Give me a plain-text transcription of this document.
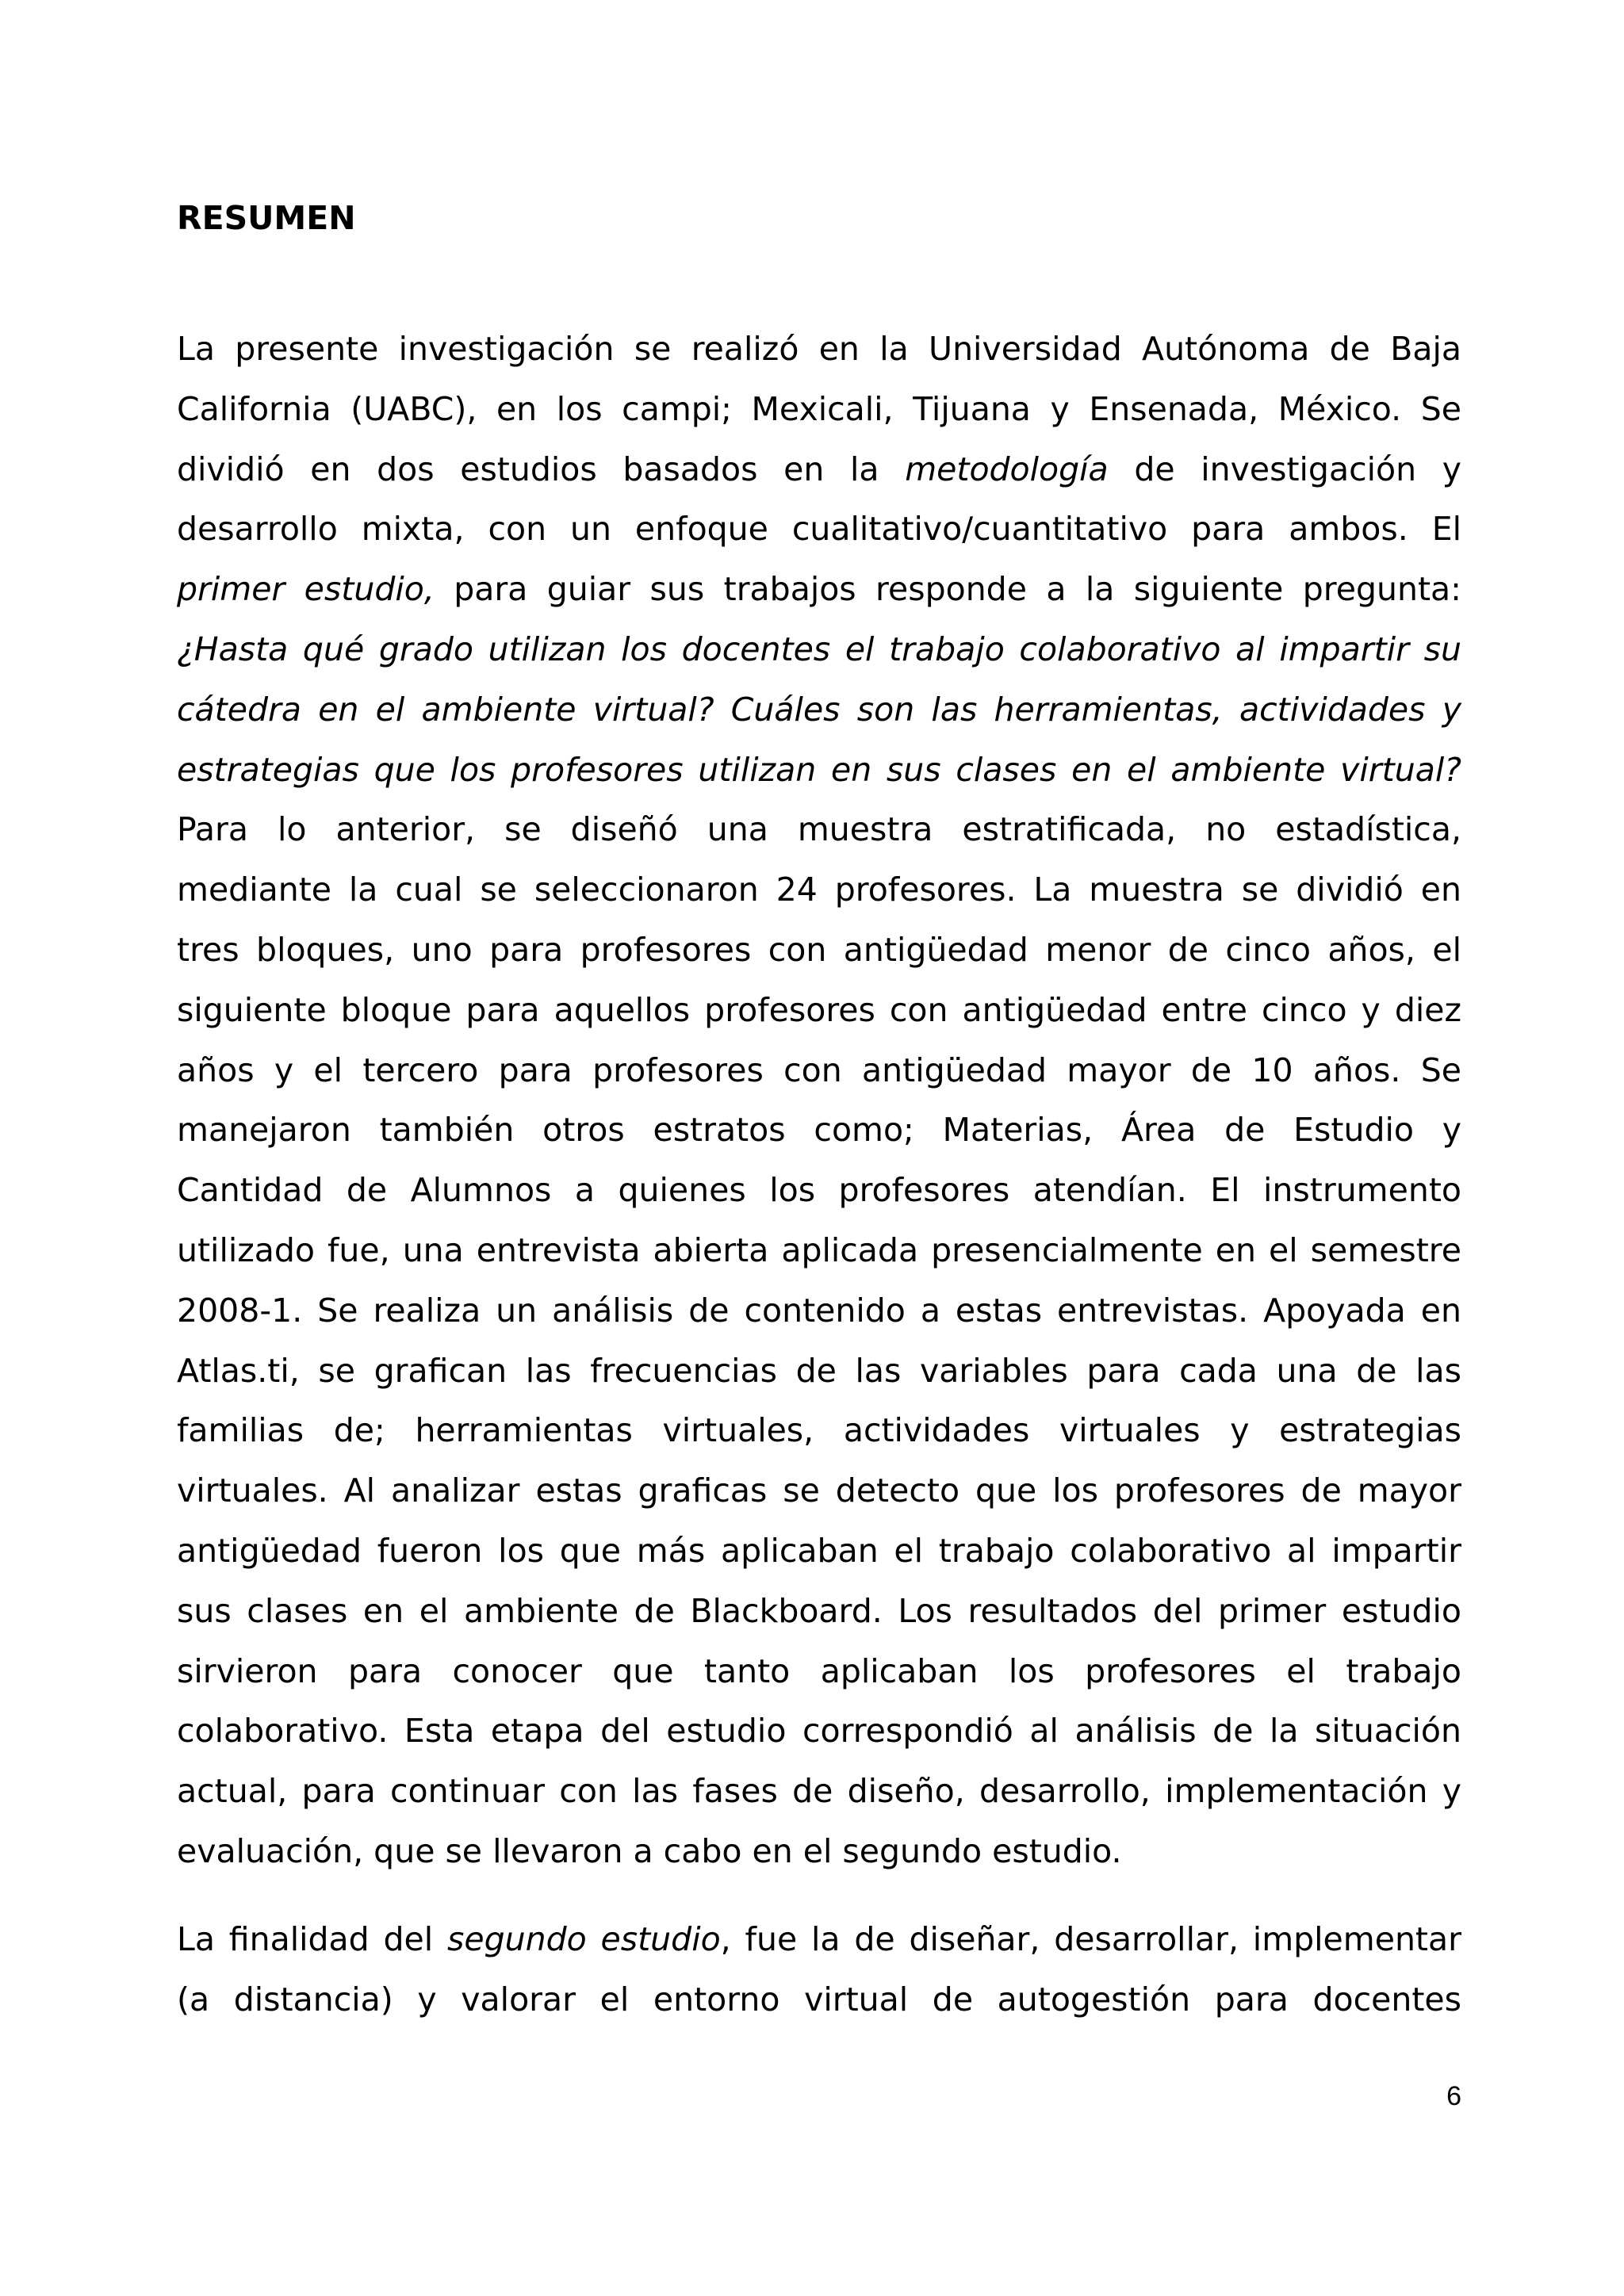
RESUMEN
La presente investigación se realizó en la Universidad Autónoma de Baja
California (UABC), en los campi; Mexicali, Tijuana y Ensenada, México. Se
dividió en dos estudios basados en la metodología de investigación y
desarrollo mixta, con un enfoque cualitativo/cuantitativo para ambos. El
primer estudio, para guiar sus trabajos responde a la siguiente pregunta:
¿Hasta qué grado utilizan los docentes el trabajo colaborativo al impartir su
cátedra en el ambiente virtual? Cuáles son las herramientas, actividades y
estrategias que los profesores utilizan en sus clases en el ambiente virtual?
Para lo anterior, se diseñó una muestra estratificada, no estadística,
mediante la cual se seleccionaron 24 profesores. La muestra se dividió en
tres bloques, uno para profesores con antigüedad menor de cinco años, el
siguiente bloque para aquellos profesores con antigüedad entre cinco y diez
años y el tercero para profesores con antigüedad mayor de 10 años. Se
manejaron también otros estratos como; Materias, Área de Estudio y
Cantidad de Alumnos a quienes los profesores atendían. El instrumento
utilizado fue, una entrevista abierta aplicada presencialmente en el semestre
2008-1. Se realiza un análisis de contenido a estas entrevistas. Apoyada en
Atlas.ti, se grafican las frecuencias de las variables para cada una de las
familias de; herramientas virtuales, actividades virtuales y estrategias
virtuales. Al analizar estas graficas se detecto que los profesores de mayor
antigüedad fueron los que más aplicaban el trabajo colaborativo al impartir
sus clases en el ambiente de Blackboard. Los resultados del primer estudio
sirvieron para conocer que tanto aplicaban los profesores el trabajo
colaborativo. Esta etapa del estudio correspondió al análisis de la situación
actual, para continuar con las fases de diseño, desarrollo, implementación y
evaluación, que se llevaron a cabo en el segundo estudio.
La finalidad del segundo estudio, fue la de diseñar, desarrollar, implementar
(a distancia) y valorar el entorno virtual de autogestión para docentes
6
